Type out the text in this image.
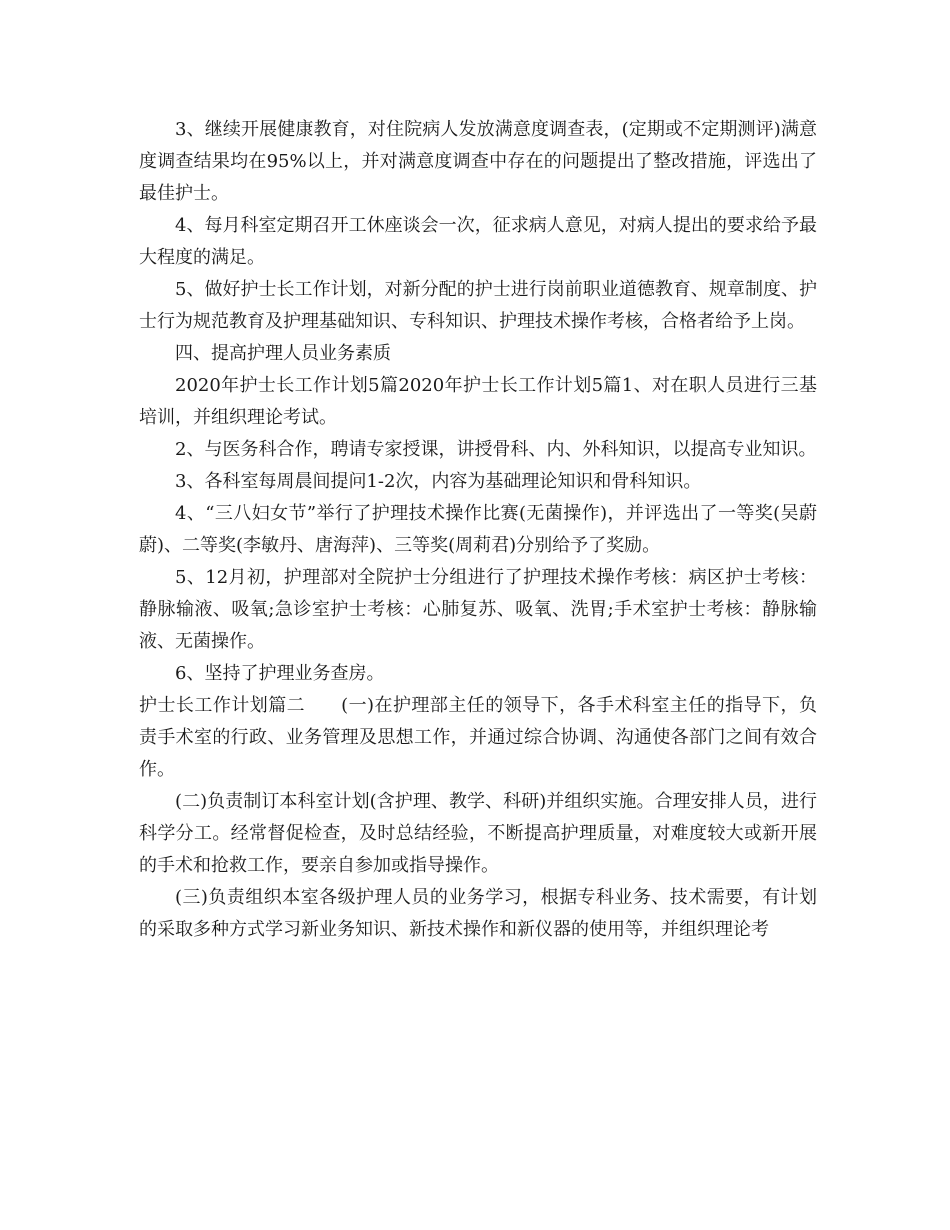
3、继续开展健康教育，对住院病人发放满意度调查表，(定期或不定期测评)满意度调查结果均在95%以上，并对满意度调查中存在的问题提出了整改措施，评选出了最佳护士。

4、每月科室定期召开工休座谈会一次，征求病人意见，对病人提出的要求给予最大程度的满足。

5、做好护士长工作计划，对新分配的护士进行岗前职业道德教育、规章制度、护士行为规范教育及护理基础知识、专科知识、护理技术操作考核，合格者给予上岗。

四、提高护理人员业务素质

2020年护士长工作计划5篇2020年护士长工作计划5篇1、对在职人员进行三基培训，并组织理论考试。

2、与医务科合作，聘请专家授课，讲授骨科、内、外科知识，以提高专业知识。

3、各科室每周晨间提问1-2次，内容为基础理论知识和骨科知识。

4、“三八妇女节”举行了护理技术操作比赛(无菌操作)，并评选出了一等奖(吴蔚蔚)、二等奖(李敏丹、唐海萍)、三等奖(周莉君)分别给予了奖励。

5、12月初，护理部对全院护士分组进行了护理技术操作考核：病区护士考核：静脉输液、吸氧;急诊室护士考核：心肺复苏、吸氧、洗胃;手术室护士考核：静脉输液、无菌操作。

6、坚持了护理业务查房。

护士长工作计划篇二 (一)在护理部主任的领导下，各手术科室主任的指导下，负责手术室的行政、业务管理及思想工作，并通过综合协调、沟通使各部门之间有效合作。

(二)负责制订本科室计划(含护理、教学、科研)并组织实施。合理安排人员，进行科学分工。经常督促检查，及时总结经验，不断提高护理质量，对难度较大或新开展的手术和抢救工作，要亲自参加或指导操作。

(三)负责组织本室各级护理人员的业务学习，根据专科业务、技术需要，有计划的采取多种方式学习新业务知识、新技术操作和新仪器的使用等，并组织理论考
